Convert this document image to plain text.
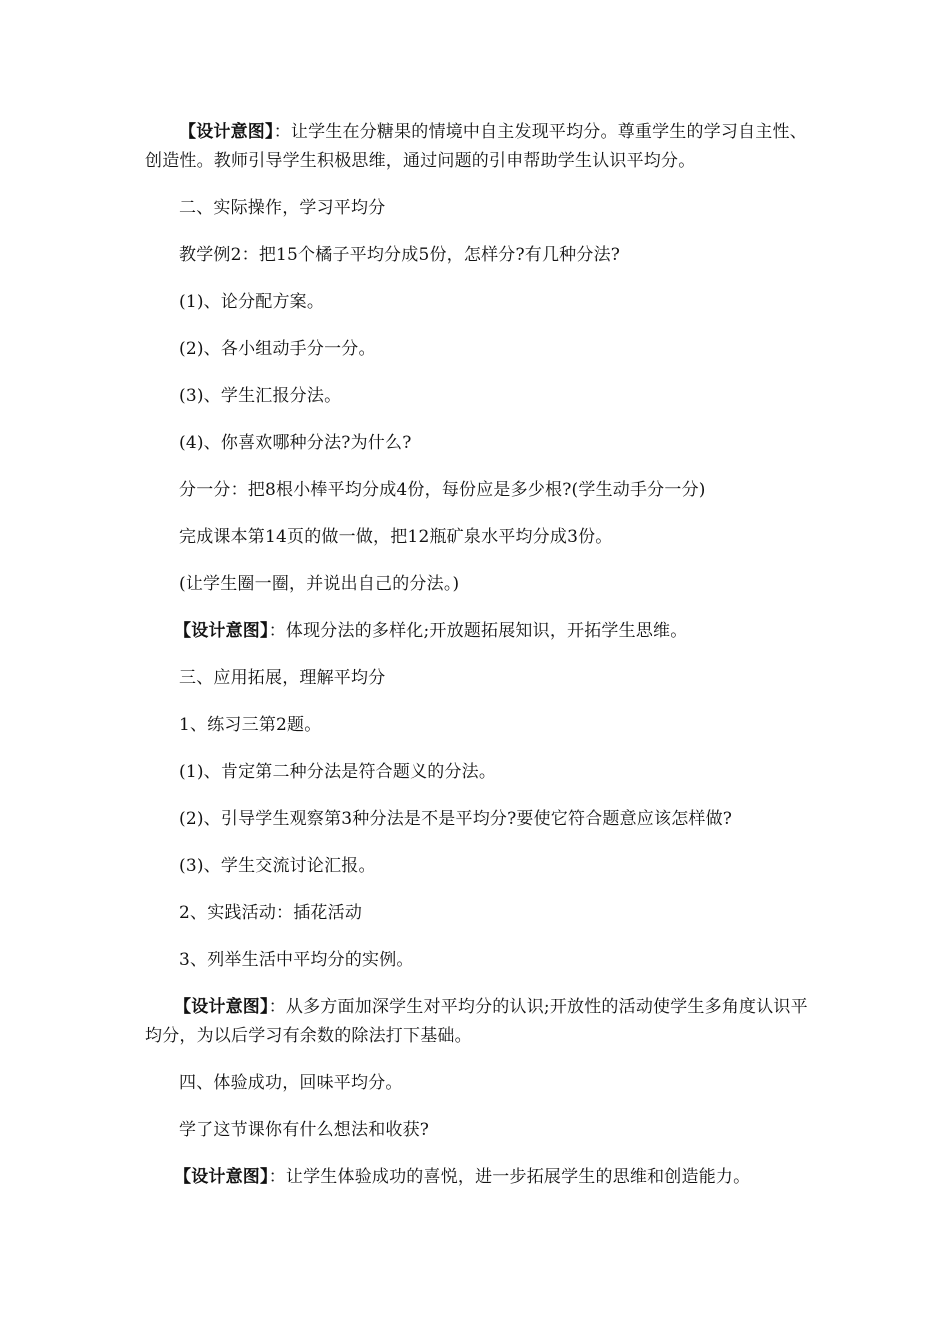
【设计意图】：让学生在分糖果的情境中自主发现平均分。尊重学生的学习自主性、创造性。教师引导学生积极思维，通过问题的引申帮助学生认识平均分。

二、实际操作，学习平均分

教学例2：把15个橘子平均分成5份，怎样分?有几种分法?

(1)、论分配方案。

(2)、各小组动手分一分。

(3)、学生汇报分法。

(4)、你喜欢哪种分法?为什么?

分一分：把8根小棒平均分成4份，每份应是多少根?(学生动手分一分)

完成课本第14页的做一做，把12瓶矿泉水平均分成3份。

(让学生圈一圈，并说出自己的分法。)

【设计意图】：体现分法的多样化;开放题拓展知识，开拓学生思维。

三、应用拓展，理解平均分

1、练习三第2题。

(1)、肯定第二种分法是符合题义的分法。

(2)、引导学生观察第3种分法是不是平均分?要使它符合题意应该怎样做?

(3)、学生交流讨论汇报。

2、实践活动：插花活动

3、列举生活中平均分的实例。

【设计意图】：从多方面加深学生对平均分的认识;开放性的活动使学生多角度认识平均分，为以后学习有余数的除法打下基础。

四、体验成功，回味平均分。

学了这节课你有什么想法和收获?

【设计意图】：让学生体验成功的喜悦，进一步拓展学生的思维和创造能力。
